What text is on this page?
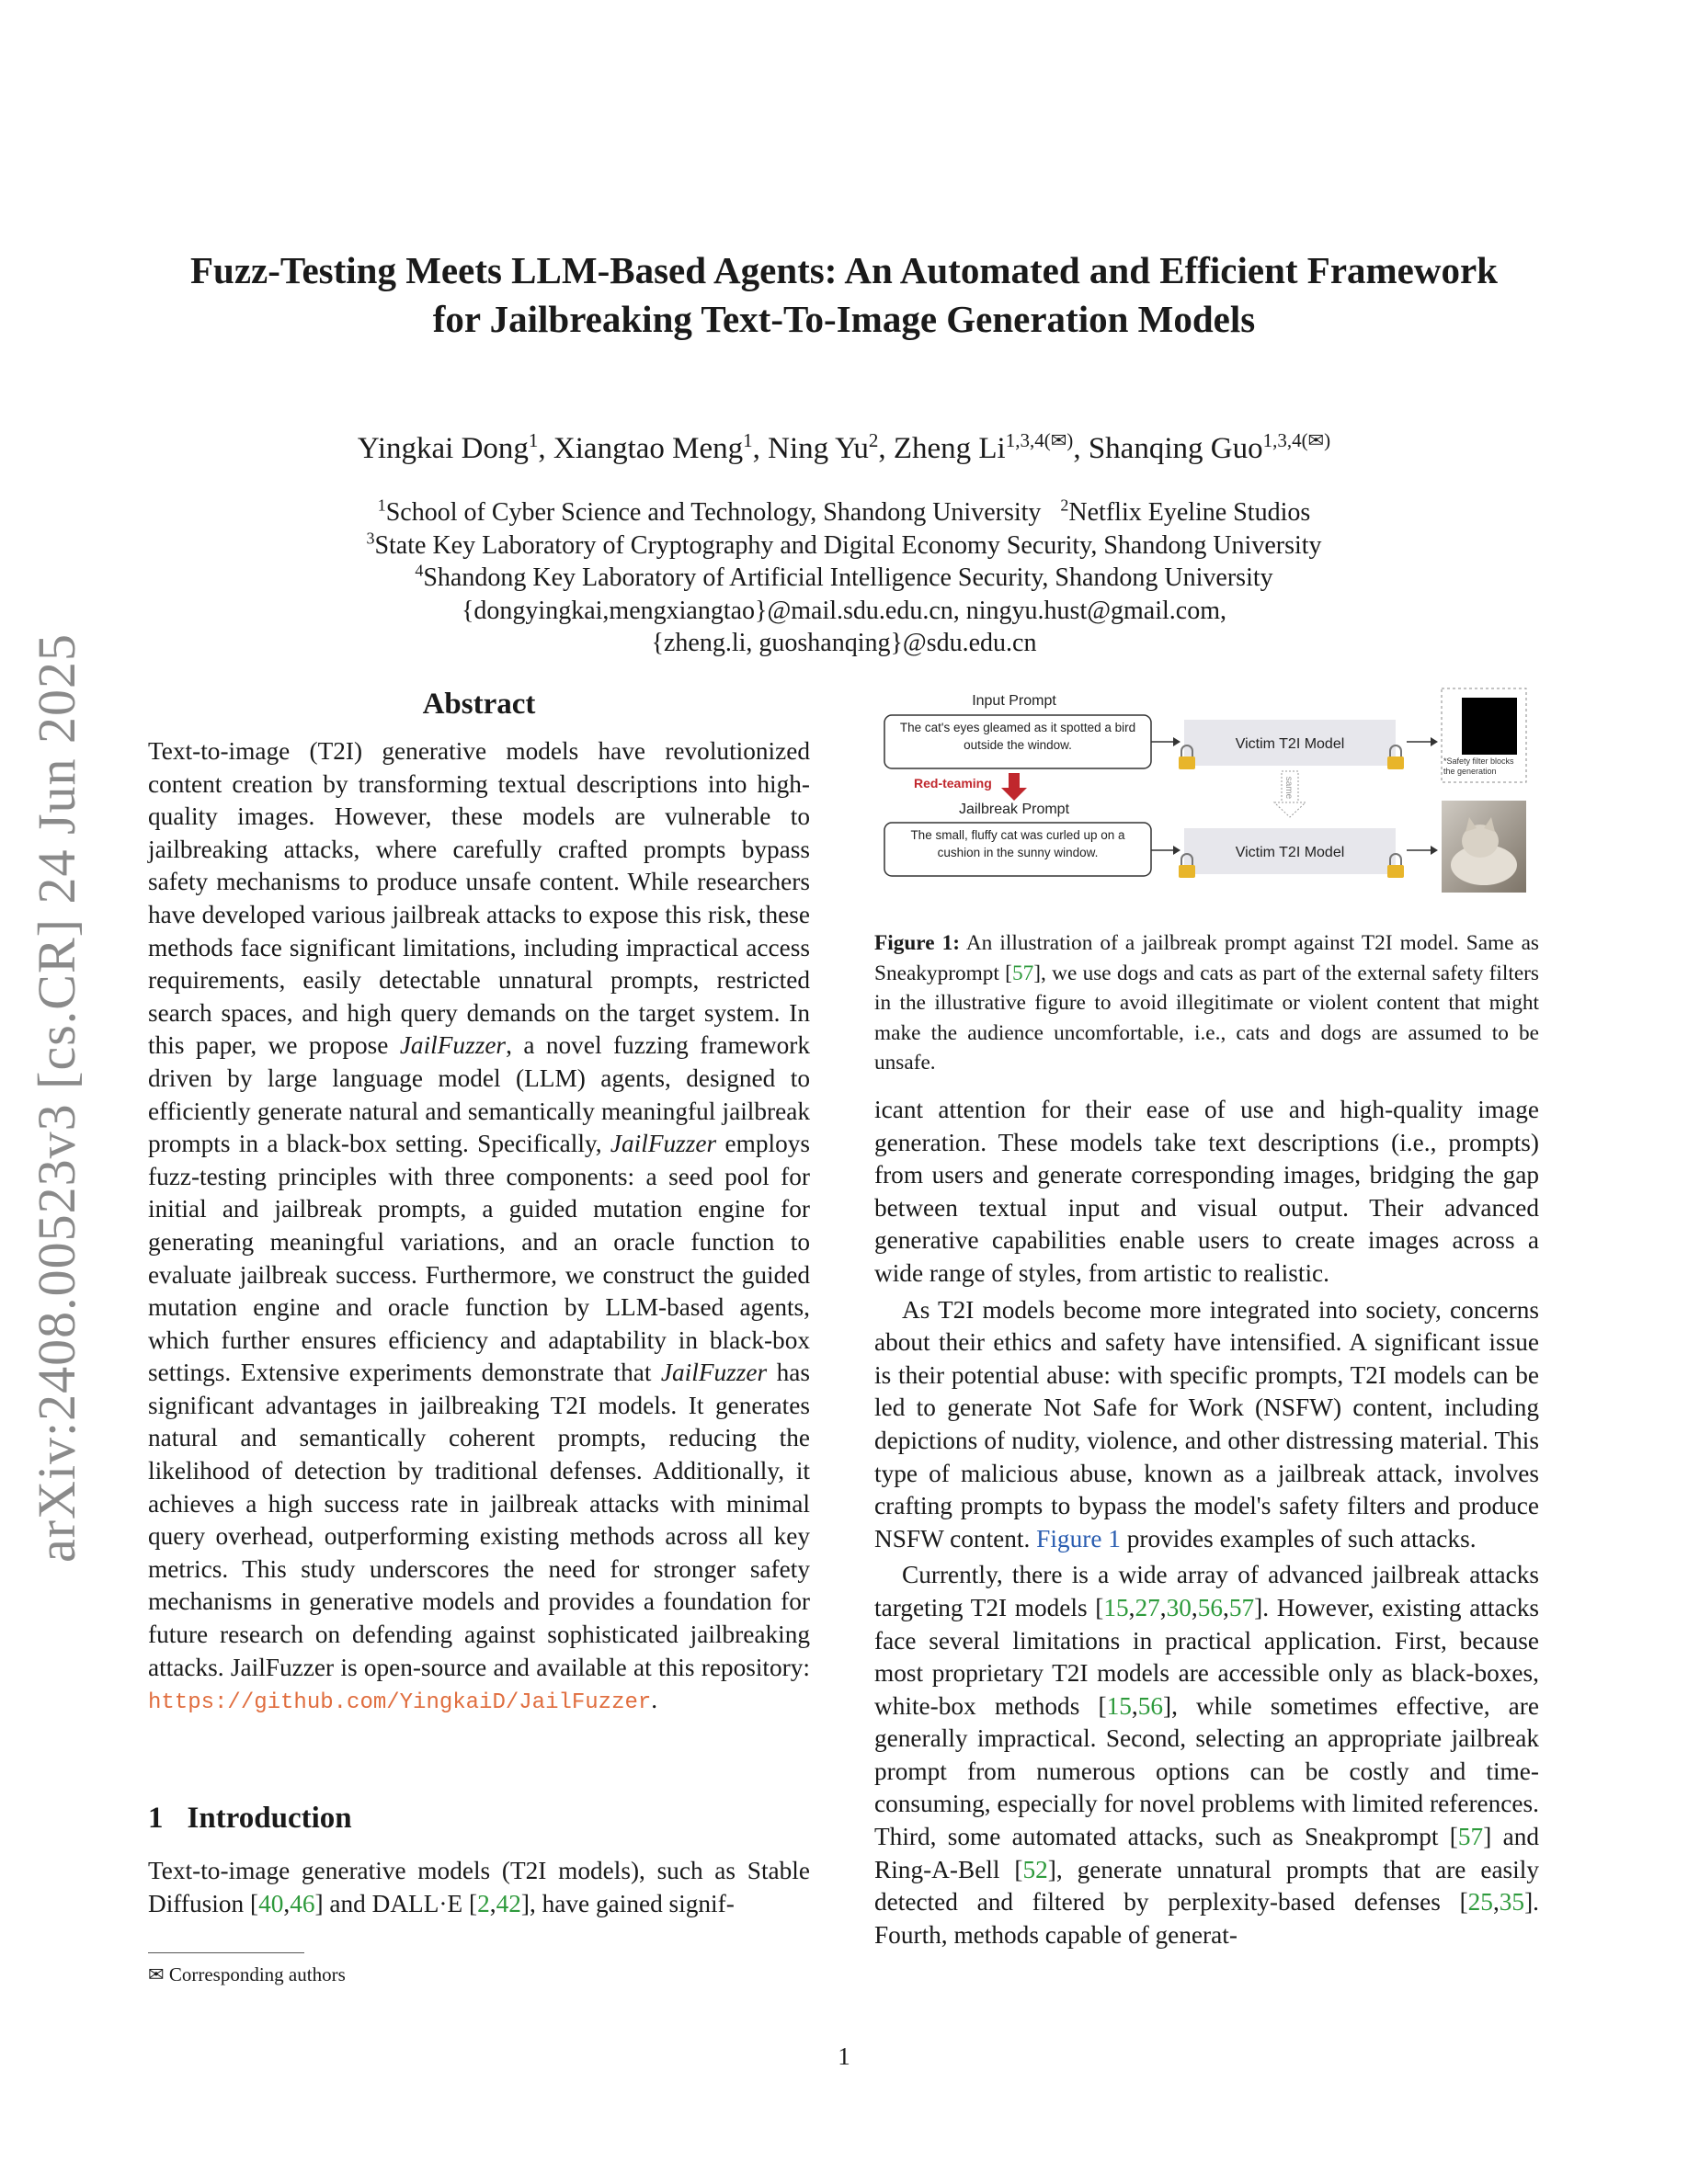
Fuzz-Testing Meets LLM-Based Agents: An Automated and Efficient Framework
for Jailbreaking Text-To-Image Generation Models
Yingkai Dong$^1$, Xiangtao Meng$^1$, Ning Yu$^2$, Zheng $Li^{1,3,4(✉)}$, Shanqing Guo$^{1,3,4(✉)}$
$^1$School of Cyber Science and Technology, Shandong University $^2$Netflix Eyeline Studios
$^3$State Key Laboratory of Cryptography and Digital Economy Security, Shandong University
$^4$Shandong Key Laboratory of Artificial Intelligence Security, Shandong University
{dongyingkai,mengxiangtao}@mail.sdu.edu.cn, ningyu.hust@gmail.com,
{zheng.li, guoshanqing}@sdu.edu.cn
arXiv:2408.00523v3 [cs.CR] 24 Jun 2025	Abstract

Text-to-image (T2I) generative models have revolutionized content creation by transforming textual descriptions into high-quality images. However, these models are vulnerable to jailbreaking attacks, where carefully crafted prompts bypass safety mechanisms to produce unsafe content. While researchers have developed various jailbreak attacks to expose this risk, these methods face significant limitations, including impractical access requirements, easily detectable unnatural prompts, restricted search spaces, and high query demands on the target system. In this paper, we propose JailFuzzer, a novel fuzzing framework driven by large language model (LLM) agents, designed to efficiently generate natural and semantically meaningful jailbreak prompts in a black-box setting. Specifically, JailFuzzer employs fuzz-testing principles with three components: a seed pool for initial and jailbreak prompts, a guided mutation engine for generating meaningful variations, and an oracle function to evaluate jailbreak success. Furthermore, we construct the guided mutation engine and oracle function by LLM-based agents, which further ensures efficiency and adaptability in black-box settings. Extensive experiments demonstrate that JailFuzzer has significant advantages in jailbreaking T2I models. It generates natural and semantically coherent prompts, reducing the likelihood of detection by traditional defenses. Additionally, it achieves a high success rate in jailbreak attacks with minimal query overhead, outperforming existing methods across all key metrics. This study underscores the need for stronger safety mechanisms in generative models and provides a foundation for future research on defending against sophisticated jailbreaking attacks. JailFuzzer is open-source and available at this repository: https://github.com/YingkaiD/JailFuzzer.

1 Introduction

Text-to-image generative models (T2I models), such as Stable Diffusion [40,46] and DALL·E [2,42], have gained signif-

✉ Corresponding authors
Input Prompt
The cat's eyes gleamed as it spotted a bird outside the window.	Victim T2I Model
*Safety filter blocks the generation
Red-teaming	same
Jailbreak Prompt
The small, fluffy cat was curled up on a cushion in the sunny window.	Victim T2I Model
Figure 1: An illustration of a jailbreak prompt against T2I model. Same as Sneakyprompt [57], we use dogs and cats as part of the external safety filters in the illustrative figure to avoid illegitimate or violent content that might make the audience uncomfortable, i.e., cats and dogs are assumed to be unsafe.

icant attention for their ease of use and high-quality image generation. These models take text descriptions (i.e., prompts) from users and generate corresponding images, bridging the gap between textual input and visual output. Their advanced generative capabilities enable users to create images across a wide range of styles, from artistic to realistic.

As T2I models become more integrated into society, concerns about their ethics and safety have intensified. A significant issue is their potential abuse: with specific prompts, T2I models can be led to generate Not Safe for Work (NSFW) content, including depictions of nudity, violence, and other distressing material. This type of malicious abuse, known as a jailbreak attack, involves crafting prompts to bypass the model's safety filters and produce NSFW content. Figure 1 provides examples of such attacks.

Currently, there is a wide array of advanced jailbreak attacks targeting T2I models [15,27,30,56,57]. However, existing attacks face several limitations in practical application. First, because most proprietary T2I models are accessible only as black-boxes, white-box methods [15,56], while sometimes effective, are generally impractical. Second, selecting an appropriate jailbreak prompt from numerous options can be costly and time-consuming, especially for novel problems with limited references. Third, some automated attacks, such as Sneakprompt [57] and Ring-A-Bell [52], generate unnatural prompts that are easily detected and filtered by perplexity-based defenses [25,35]. Fourth, methods capable of generat-

1
